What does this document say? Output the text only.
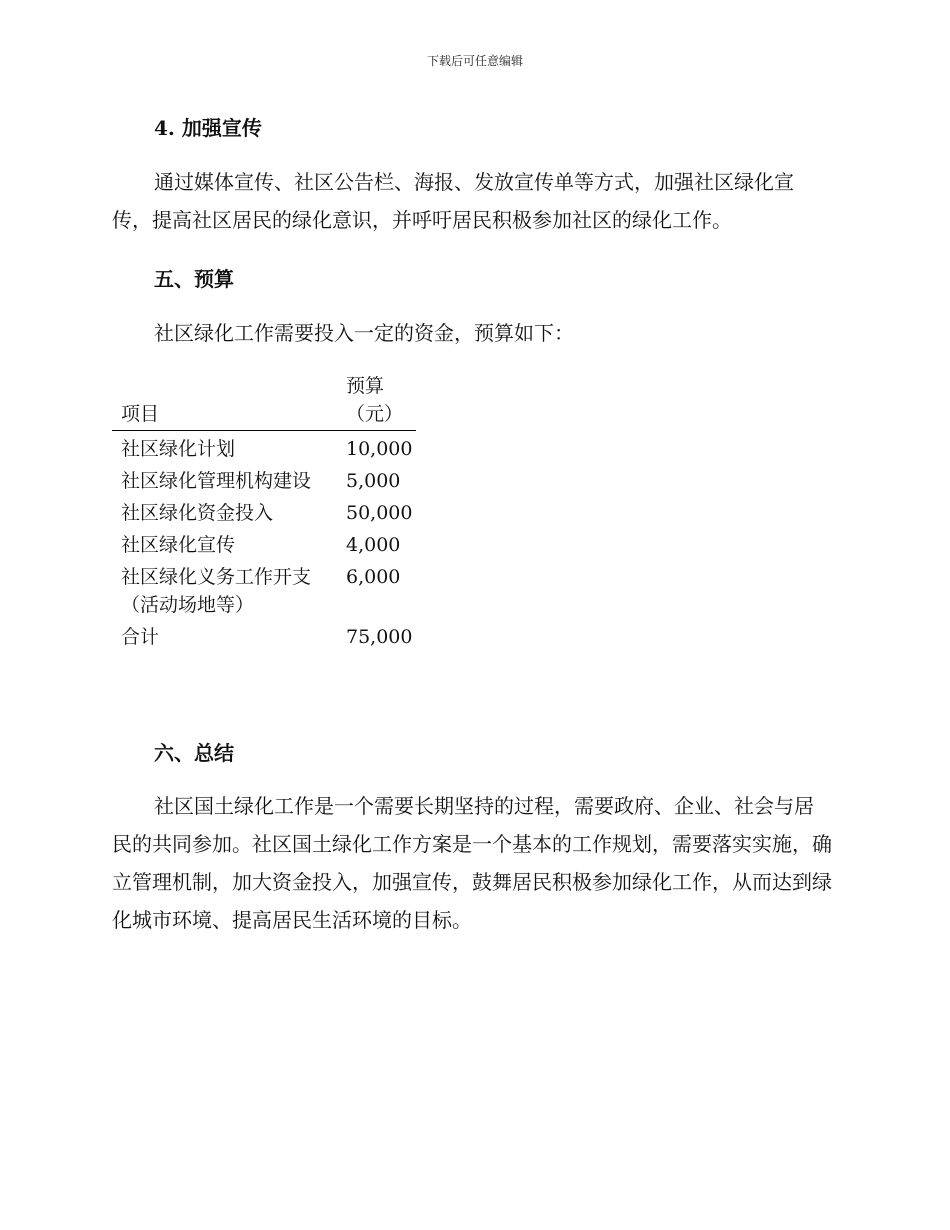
下载后可任意编辑
4. 加强宣传

通过媒体宣传、社区公告栏、海报、发放宣传单等方式，加强社区绿化宣传，提高社区居民的绿化意识，并呼吁居民积极参加社区的绿化工作。

五、预算

社区绿化工作需要投入一定的资金，预算如下：

项目	预算（元）
社区绿化计划	10,000
社区绿化管理机构建设	5,000
社区绿化资金投入	50,000
社区绿化宣传	4,000
社区绿化义务工作开支（活动场地等）	6,000
合计	75,000
六、总结

社区国土绿化工作是一个需要长期坚持的过程，需要政府、企业、社会与居民的共同参加。社区国土绿化工作方案是一个基本的工作规划，需要落实实施，确立管理机制，加大资金投入，加强宣传，鼓舞居民积极参加绿化工作，从而达到绿化城市环境、提高居民生活环境的目标。
